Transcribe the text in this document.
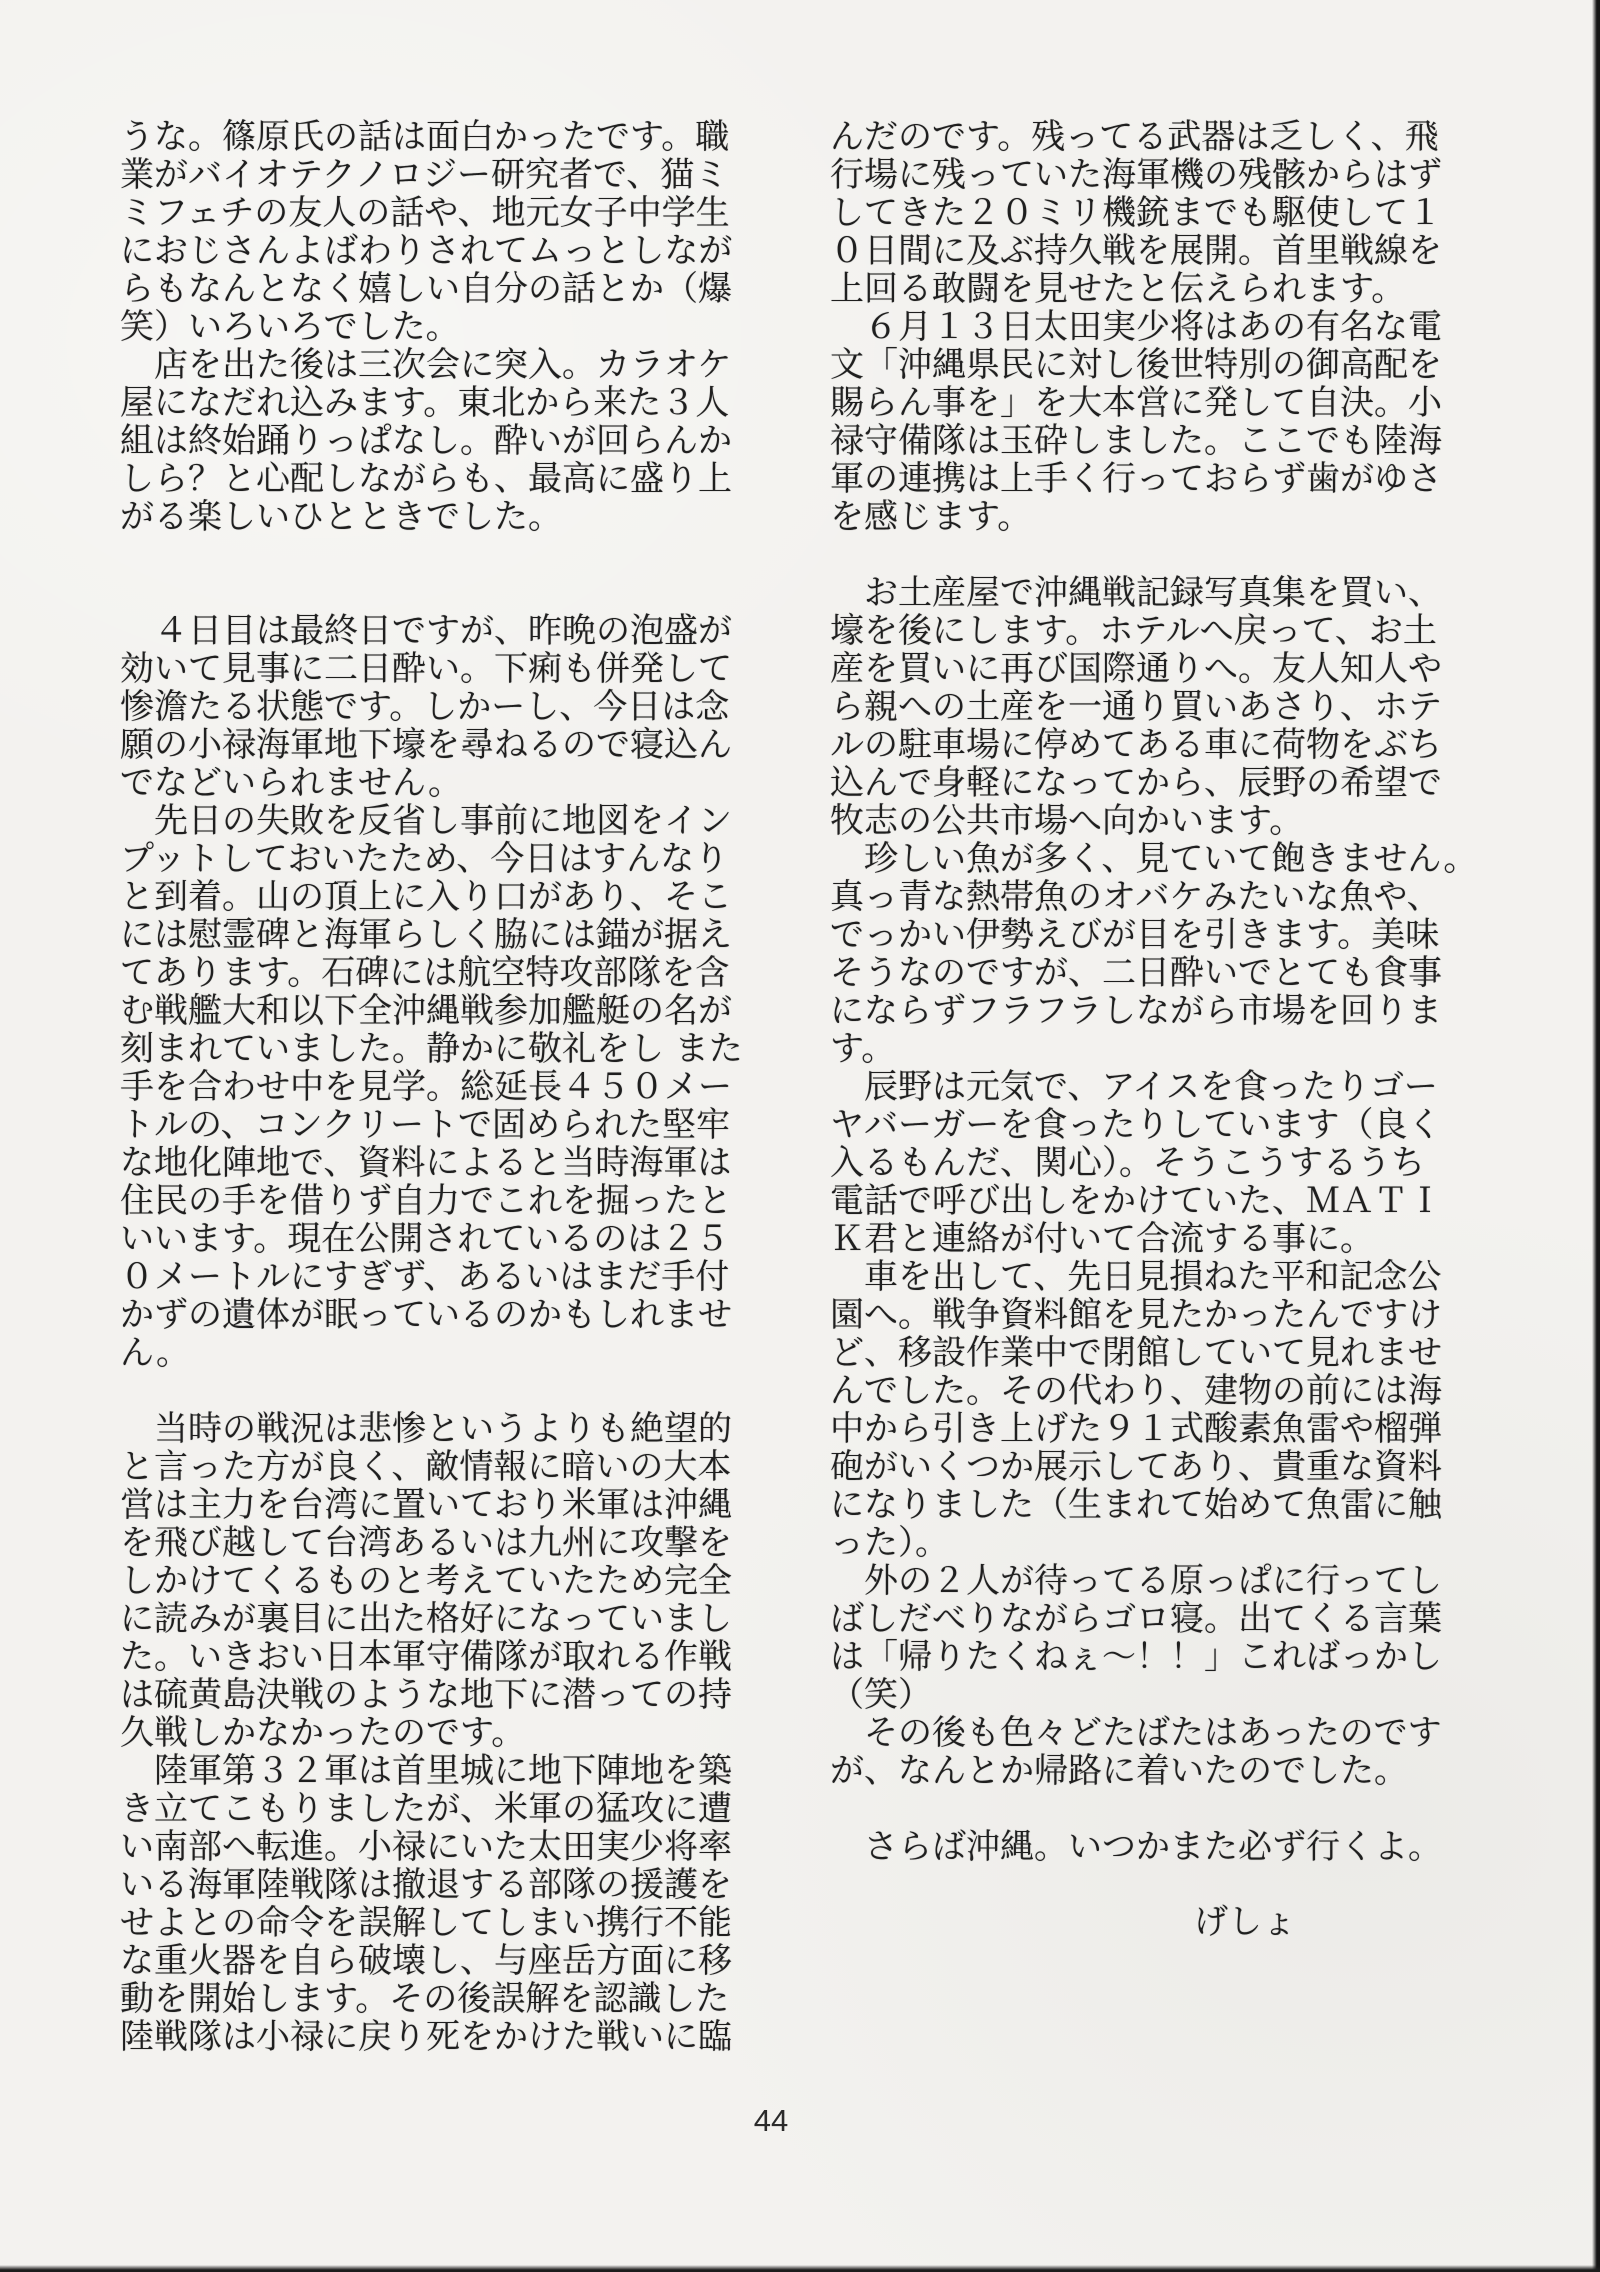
うな。篠原氏の話は面白かったです。職
業がバイオテクノロジー研究者で、猫ミ
ミフェチの友人の話や、地元女子中学生
におじさんよばわりされてムっとしなが
らもなんとなく嬉しい自分の話とか（爆
笑）いろいろでした。
　店を出た後は三次会に突入。カラオケ
屋になだれ込みます。東北から来た３人
組は終始踊りっぱなし。酔いが回らんか
しら？と心配しながらも、最高に盛り上
がる楽しいひとときでした。
　４日目は最終日ですが、昨晩の泡盛が
効いて見事に二日酔い。下痢も併発して
惨澹たる状態です。しかーし、今日は念
願の小禄海軍地下壕を尋ねるので寝込ん
でなどいられません。
　先日の失敗を反省し事前に地図をイン
プットしておいたため、今日はすんなり
と到着。山の頂上に入り口があり、そこ
には慰霊碑と海軍らしく脇には錨が据え
てあります。石碑には航空特攻部隊を含
む戦艦大和以下全沖縄戦参加艦艇の名が
刻まれていました。静かに敬礼をし また
手を合わせ中を見学。総延長４５０メー
トルの、コンクリートで固められた堅牢
な地化陣地で、資料によると当時海軍は
住民の手を借りず自力でこれを掘ったと
いいます。現在公開されているのは２５
０メートルにすぎず、あるいはまだ手付
かずの遺体が眠っているのかもしれませ
ん。
　当時の戦況は悲惨というよりも絶望的
と言った方が良く、敵情報に暗いの大本
営は主力を台湾に置いており米軍は沖縄
を飛び越して台湾あるいは九州に攻撃を
しかけてくるものと考えていたため完全
に読みが裏目に出た格好になっていまし
た。いきおい日本軍守備隊が取れる作戦
は硫黄島決戦のような地下に潜っての持
久戦しかなかったのです。
　陸軍第３２軍は首里城に地下陣地を築
き立てこもりましたが、米軍の猛攻に遭
い南部へ転進。小禄にいた太田実少将率
いる海軍陸戦隊は撤退する部隊の援護を
せよとの命令を誤解してしまい携行不能
な重火器を自ら破壊し、与座岳方面に移
動を開始します。その後誤解を認識した
陸戦隊は小禄に戻り死をかけた戦いに臨
んだのです。残ってる武器は乏しく、飛
行場に残っていた海軍機の残骸からはず
してきた２０ミリ機銃までも駆使して１
０日間に及ぶ持久戦を展開。首里戦線を
上回る敢闘を見せたと伝えられます。
　６月１３日太田実少将はあの有名な電
文「沖縄県民に対し後世特別の御高配を
賜らん事を」を大本営に発して自決。小
禄守備隊は玉砕しました。ここでも陸海
軍の連携は上手く行っておらず歯がゆさ
を感じます。
　お土産屋で沖縄戦記録写真集を買い、
壕を後にします。ホテルへ戻って、お土
産を買いに再び国際通りへ。友人知人や
ら親への土産を一通り買いあさり、ホテ
ルの駐車場に停めてある車に荷物をぶち
込んで身軽になってから、辰野の希望で
牧志の公共市場へ向かいます。
　珍しい魚が多く、見ていて飽きません。
真っ青な熱帯魚のオバケみたいな魚や、
でっかい伊勢えびが目を引きます。美味
そうなのですが、二日酔いでとても食事
にならずフラフラしながら市場を回りま
す。
　辰野は元気で、アイスを食ったりゴー
ヤバーガーを食ったりしています（良く
入るもんだ、関心）。そうこうするうち
電話で呼び出しをかけていた、ＭＡＴＩ
Ｋ君と連絡が付いて合流する事に。
　車を出して、先日見損ねた平和記念公
園へ。戦争資料館を見たかったんですけ
ど、移設作業中で閉館していて見れませ
んでした。その代わり、建物の前には海
中から引き上げた９１式酸素魚雷や榴弾
砲がいくつか展示してあり、貴重な資料
になりました（生まれて始めて魚雷に触
った）。
　外の２人が待ってる原っぱに行ってし
ばしだべりながらゴロ寝。出てくる言葉
は「帰りたくねぇ～！！」こればっかし
（笑）
　その後も色々どたばたはあったのです
が、なんとか帰路に着いたのでした。
　さらば沖縄。いつかまた必ず行くよ。
げしょ
44
